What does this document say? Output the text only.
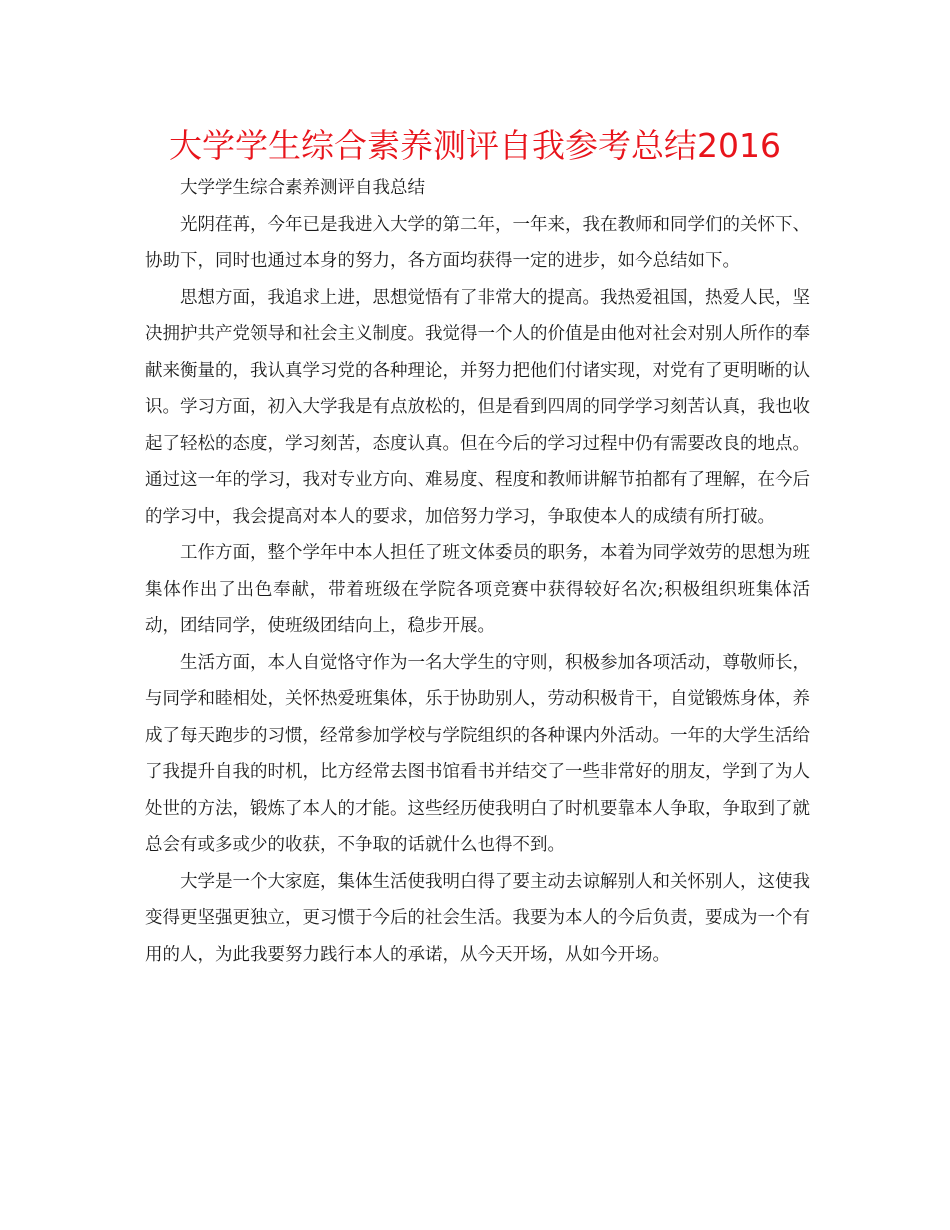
大学学生综合素养测评自我参考总结2016

大学学生综合素养测评自我总结

光阴荏苒，今年已是我进入大学的第二年，一年来，我在教师和同学们的关怀下、协助下，同时也通过本身的努力，各方面均获得一定的进步，如今总结如下。

思想方面，我追求上进，思想觉悟有了非常大的提高。我热爱祖国，热爱人民，坚决拥护共产党领导和社会主义制度。我觉得一个人的价值是由他对社会对别人所作的奉献来衡量的，我认真学习党的各种理论，并努力把他们付诸实现，对党有了更明晰的认识。学习方面，初入大学我是有点放松的，但是看到四周的同学学习刻苦认真，我也收起了轻松的态度，学习刻苦，态度认真。但在今后的学习过程中仍有需要改良的地点。通过这一年的学习，我对专业方向、难易度、程度和教师讲解节拍都有了理解，在今后的学习中，我会提高对本人的要求，加倍努力学习，争取使本人的成绩有所打破。

工作方面，整个学年中本人担任了班文体委员的职务，本着为同学效劳的思想为班集体作出了出色奉献，带着班级在学院各项竞赛中获得较好名次;积极组织班集体活动，团结同学，使班级团结向上，稳步开展。

生活方面，本人自觉恪守作为一名大学生的守则，积极参加各项活动，尊敬师长，与同学和睦相处，关怀热爱班集体，乐于协助别人，劳动积极肯干，自觉锻炼身体，养成了每天跑步的习惯，经常参加学校与学院组织的各种课内外活动。一年的大学生活给了我提升自我的时机，比方经常去图书馆看书并结交了一些非常好的朋友，学到了为人处世的方法，锻炼了本人的才能。这些经历使我明白了时机要靠本人争取，争取到了就总会有或多或少的收获，不争取的话就什么也得不到。

大学是一个大家庭，集体生活使我明白得了要主动去谅解别人和关怀别人，这使我变得更坚强更独立，更习惯于今后的社会生活。我要为本人的今后负责，要成为一个有用的人，为此我要努力践行本人的承诺，从今天开场，从如今开场。
